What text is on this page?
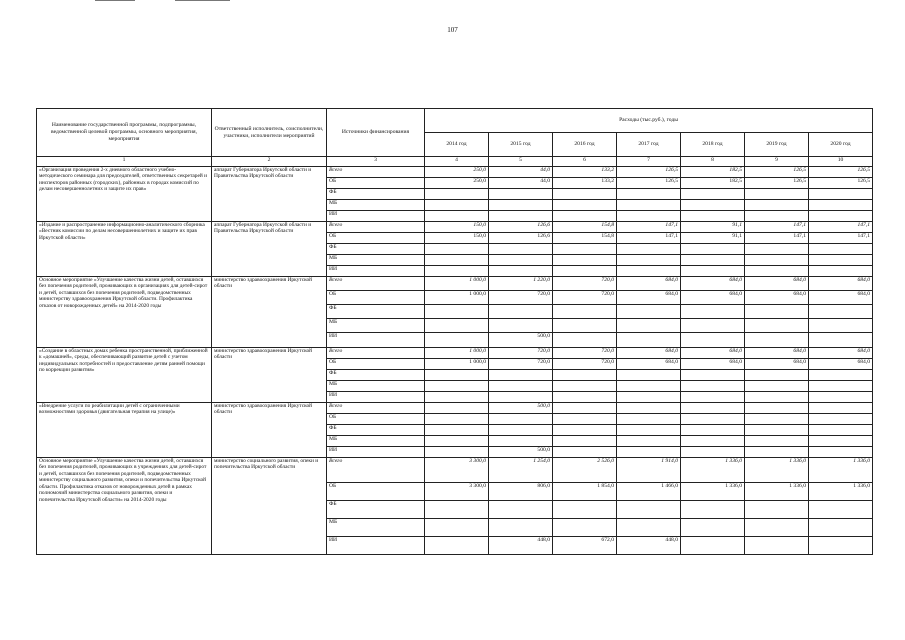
107
Наименование государственной программы, подпрограммы, ведомственной целевой программы, основного мероприятия, мероприятия	Ответственный исполнитель, соисполнители, участники, исполнители мероприятий	Источники финансирования	Расходы (тыс.руб.), годы						
			2014 год	2015 год	2016 год	2017 год	2018 год	2019 год	2020 год
1	2	3	4	5	6	7	8	9	10
«Организация проведения 2-х дневного областного учебно-методического семинара для председателей, ответственных секретарей и инспекторов районных (городских), районных в городах комиссий по делам несовершеннолетних и защите их прав»	аппарат Губернатора Иркутской области и Правительства Иркутской области	Всего	250,0	44,0	133,2	126,5	182,5	126,5	126,5
		ОБ	250,0	44,0	133,2	126,5	182,5	126,5	126,5
		ФБ							
		МБ							
		ИИ							
«Издание и распространение информационно-аналитического сборника «Вестник комиссии по делам несовершеннолетних и защите их прав Иркутской области»	аппарат Губернатора Иркутской области и Правительства Иркутской области	Всего	150,0	126,6	154,8	147,1	91,1	147,1	147,1
		ОБ	150,0	126,6	154,8	147,1	91,1	147,1	147,1
		ФБ							
		МБ							
		ИИ							
Основное мероприятие «Улучшение качества жизни детей, оставшихся без попечения родителей, проживающих в организациях для детей-сирот и детей, оставшихся без попечения родителей, подведомственных министерству здравоохранения Иркутской области. Профилактика отказов от новорожденных детей» на 2014-2020 годы	министерство здравоохранения Иркутской области	Всего	1 000,0	1 220,0	720,0	684,0	684,0	684,0	684,0
		ОБ	1 000,0	720,0	720,0	684,0	684,0	684,0	684,0
		ФБ							
		МБ							
		ИИ		500,0					
«Создание в областных домах ребенка пространственной, приближенной к «домашней», среды, обеспечивающий развитие детей с учетом индивидуальных потребностей и предоставление детям ранней помощи по коррекции развития»	министерство здравоохранения Иркутской области	Всего	1 000,0	720,0	720,0	684,0	684,0	684,0	684,0
		ОБ	1 000,0	720,0	720,0	684,0	684,0	684,0	684,0
		ФБ							
		МБ							
		ИИ							
«Внедрение услуги по реабилитации детей с ограниченными возможностями здоровья (двигательная терапия на улице)»	министерство здравоохранения Иркутской области	Всего		500,0					
		ОБ							
		ФБ							
		МБ							
		ИИ		500,0					
Основное мероприятие «Улучшение качества жизни детей, оставшихся без попечения родителей, проживающих в учреждениях для детей-сирот и детей, оставшихся без попечения родителей, подведомственных министерству социального развития, опеки и попечительства Иркутской области. Профилактика отказов от новорожденных детей в рамках полномочий министерства социального развития, опеки и попечительства Иркутской области» на 2014-2020 годы	министерство социального развития, опеки и попечительства Иркутской области	Всего	3 300,0	1 254,0	2 526,0	1 914,0	1 336,0	1 336,0	1 336,0
		ОБ	3 300,0	806,0	1 854,0	1 466,0	1 336,0	1 336,0	1 336,0
		ФБ							
		МБ							
		ИИ		448,0	672,0	448,0			
